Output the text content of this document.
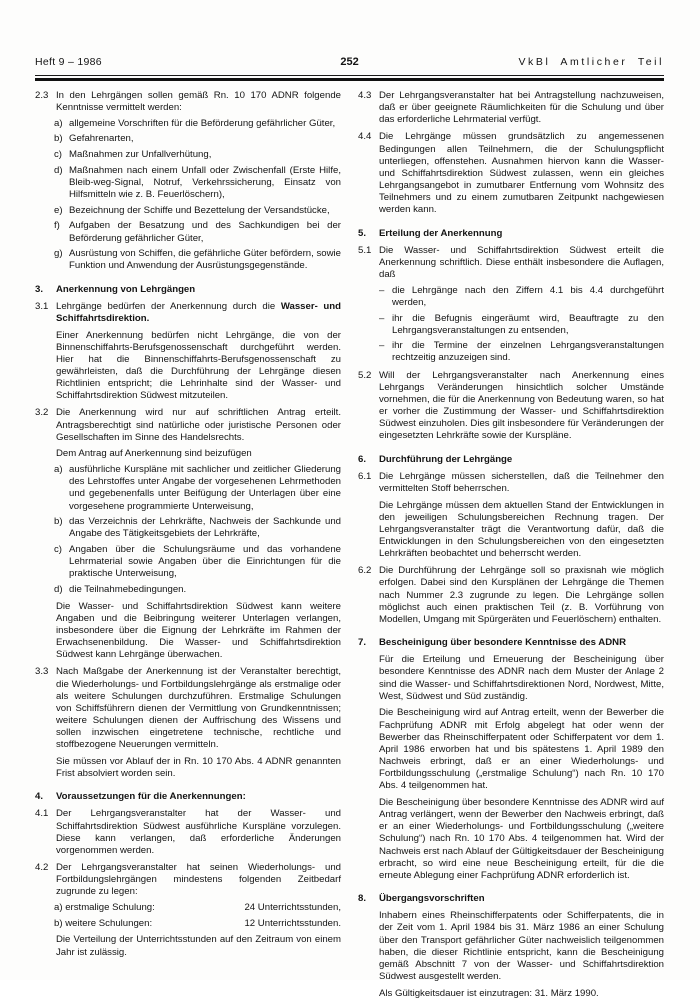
Heft 9 – 1986	252	VkBl Amtlicher Teil
2.3 In den Lehrgängen sollen gemäß Rn. 10 170 ADNR folgende Kenntnisse vermittelt werden:
a) allgemeine Vorschriften für die Beförderung gefährlicher Güter,
b) Gefahrenarten,
c) Maßnahmen zur Unfallverhütung,
d) Maßnahmen nach einem Unfall oder Zwischenfall (Erste Hilfe, Bleib-weg-Signal, Notruf, Verkehrssicherung, Einsatz von Hilfsmitteln wie z. B. Feuerlöschern),
e) Bezeichnung der Schiffe und Bezettelung der Versandstücke,
f) Aufgaben der Besatzung und des Sachkundigen bei der Beförderung gefährlicher Güter,
g) Ausrüstung von Schiffen, die gefährliche Güter befördern, sowie Funktion und Anwendung der Ausrüstungsgegenstände.
3. Anerkennung von Lehrgängen
3.1 Lehrgänge bedürfen der Anerkennung durch die Wasser- und Schiffahrtsdirektion.
Einer Anerkennung bedürfen nicht Lehrgänge, die von der Binnenschiffahrts-Berufsgenossenschaft durchgeführt werden. Hier hat die Binnenschiffahrts-Berufsgenossenschaft zu gewährleisten, daß die Durchführung der Lehrgänge diesen Richtlinien entspricht; die Lehrinhalte sind der Wasser- und Schiffahrtsdirektion Südwest mitzuteilen.
3.2 Die Anerkennung wird nur auf schriftlichen Antrag erteilt. Antragsberechtigt sind natürliche oder juristische Personen oder Gesellschaften im Sinne des Handelsrechts.
Dem Antrag auf Anerkennung sind beizufügen
a) ausführliche Kurspläne mit sachlicher und zeitlicher Gliederung des Lehrstoffes unter Angabe der vorgesehenen Lehrmethoden und gegebenenfalls unter Beifügung der Unterlagen über eine vorgesehene programmierte Unterweisung,
b) das Verzeichnis der Lehrkräfte, Nachweis der Sachkunde und Angabe des Tätigkeitsgebiets der Lehrkräfte,
c) Angaben über die Schulungsräume und das vorhandene Lehrmaterial sowie Angaben über die Einrichtungen für die praktische Unterweisung,
d) die Teilnahmebedingungen.
Die Wasser- und Schiffahrtsdirektion Südwest kann weitere Angaben und die Beibringung weiterer Unterlagen verlangen, insbesondere über die Eignung der Lehrkräfte im Rahmen der Erwachsenenbildung. Die Wasser- und Schiffahrtsdirektion Südwest kann Lehrgänge überwachen.
3.3 Nach Maßgabe der Anerkennung ist der Veranstalter berechtigt, die Wiederholungs- und Fortbildungslehrgänge als erstmalige oder als weitere Schulungen durchzuführen. Erstmalige Schulungen von Schiffsführern dienen der Vermittlung von Grundkenntnissen; weitere Schulungen dienen der Auffrischung des Wissens und sollen inzwischen eingetretene technische, rechtliche und stoffbezogene Neuerungen vermitteln.
Sie müssen vor Ablauf der in Rn. 10 170 Abs. 4 ADNR genannten Frist absolviert worden sein.
4. Voraussetzungen für die Anerkennungen:
4.1 Der Lehrgangsveranstalter hat der Wasser- und Schiffahrtsdirektion Südwest ausführliche Kurspläne vorzulegen. Diese kann verlangen, daß erforderliche Änderungen vorgenommen werden.
4.2 Der Lehrgangsveranstalter hat seinen Wiederholungs- und Fortbildungslehrgängen mindestens folgenden Zeitbedarf zugrunde zu legen:
a) erstmalige Schulung:	24 Unterrichtsstunden,
b) weitere Schulungen:	12 Unterrichtsstunden.
Die Verteilung der Unterrichtsstunden auf den Zeitraum von einem Jahr ist zulässig.
4.3 Der Lehrgangsveranstalter hat bei Antragstellung nachzuweisen, daß er über geeignete Räumlichkeiten für die Schulung und über das erforderliche Lehrmaterial verfügt.
4.4 Die Lehrgänge müssen grundsätzlich zu angemessenen Bedingungen allen Teilnehmern, die der Schulungspflicht unterliegen, offenstehen. Ausnahmen hiervon kann die Wasser-und Schiffahrtsdirektion Südwest zulassen, wenn ein gleiches Lehrgangsangebot in zumutbarer Entfernung vom Wohnsitz des Teilnehmers und zu einem zumutbaren Zeitpunkt nachgewiesen werden kann.
5. Erteilung der Anerkennung
5.1 Die Wasser- und Schiffahrtsdirektion Südwest erteilt die Anerkennung schriftlich. Diese enthält insbesondere die Auflagen, daß
– die Lehrgänge nach den Ziffern 4.1 bis 4.4 durchgeführt werden,
– ihr die Befugnis eingeräumt wird, Beauftragte zu den Lehrgangsveranstaltungen zu entsenden,
– ihr die Termine der einzelnen Lehrgangsveranstaltungen rechtzeitig anzuzeigen sind.
5.2 Will der Lehrgangsveranstalter nach Anerkennung eines Lehrgangs Veränderungen hinsichtlich solcher Umstände vornehmen, die für die Anerkennung von Bedeutung waren, so hat er vorher die Zustimmung der Wasser- und Schiffahrtsdirektion Südwest einzuholen. Dies gilt insbesondere für Veränderungen der eingesetzten Lehrkräfte sowie der Kurspläne.
6. Durchführung der Lehrgänge
6.1 Die Lehrgänge müssen sicherstellen, daß die Teilnehmer den vermittelten Stoff beherrschen.
Die Lehrgänge müssen dem aktuellen Stand der Entwicklungen in den jeweiligen Schulungsbereichen Rechnung tragen. Der Lehrgangsveranstalter trägt die Verantwortung dafür, daß die Entwicklungen in den Schulungsbereichen von den eingesetzten Lehrkräften beobachtet und beherrscht werden.
6.2 Die Durchführung der Lehrgänge soll so praxisnah wie möglich erfolgen. Dabei sind den Kursplänen der Lehrgänge die Themen nach Nummer 2.3 zugrunde zu legen. Die Lehrgänge sollen möglichst auch einen praktischen Teil (z. B. Vorführung von Modellen, Umgang mit Spürgeräten und Feuerlöschern) enthalten.
7. Bescheinigung über besondere Kenntnisse des ADNR
Für die Erteilung und Erneuerung der Bescheinigung über besondere Kenntnisse des ADNR nach dem Muster der Anlage 2 sind die Wasser- und Schiffahrtsdirektionen Nord, Nordwest, Mitte, West, Südwest und Süd zuständig.
Die Bescheinigung wird auf Antrag erteilt, wenn der Bewerber die Fachprüfung ADNR mit Erfolg abgelegt hat oder wenn der Bewerber das Rheinschifferpatent oder Schifferpatent vor dem 1. April 1986 erworben hat und bis spätestens 1. April 1989 den Nachweis erbringt, daß er an einer Wiederholungs- und Fortbildungsschulung („erstmalige Schulung“) nach Rn. 10 170 Abs. 4 teilgenommen hat.
Die Bescheinigung über besondere Kenntnisse des ADNR wird auf Antrag verlängert, wenn der Bewerber den Nachweis erbringt, daß er an einer Wiederholungs- und Fortbildungsschulung („weitere Schulung“) nach Rn. 10 170 Abs. 4 teilgenommen hat. Wird der Nachweis erst nach Ablauf der Gültigkeitsdauer der Bescheinigung erbracht, so wird eine neue Bescheinigung erteilt, für die die erneute Ablegung einer Fachprüfung ADNR erforderlich ist.
8. Übergangsvorschriften
Inhabern eines Rheinschifferpatents oder Schifferpatents, die in der Zeit vom 1. April 1984 bis 31. März 1986 an einer Schulung über den Transport gefährlicher Güter nachweislich teilgenommen haben, die dieser Richtlinie entspricht, kann die Bescheinigung gemäß Abschnitt 7 von der Wasser- und Schiffahrtsdirektion Südwest ausgestellt werden.
Als Gültigkeitsdauer ist einzutragen: 31. März 1990.
